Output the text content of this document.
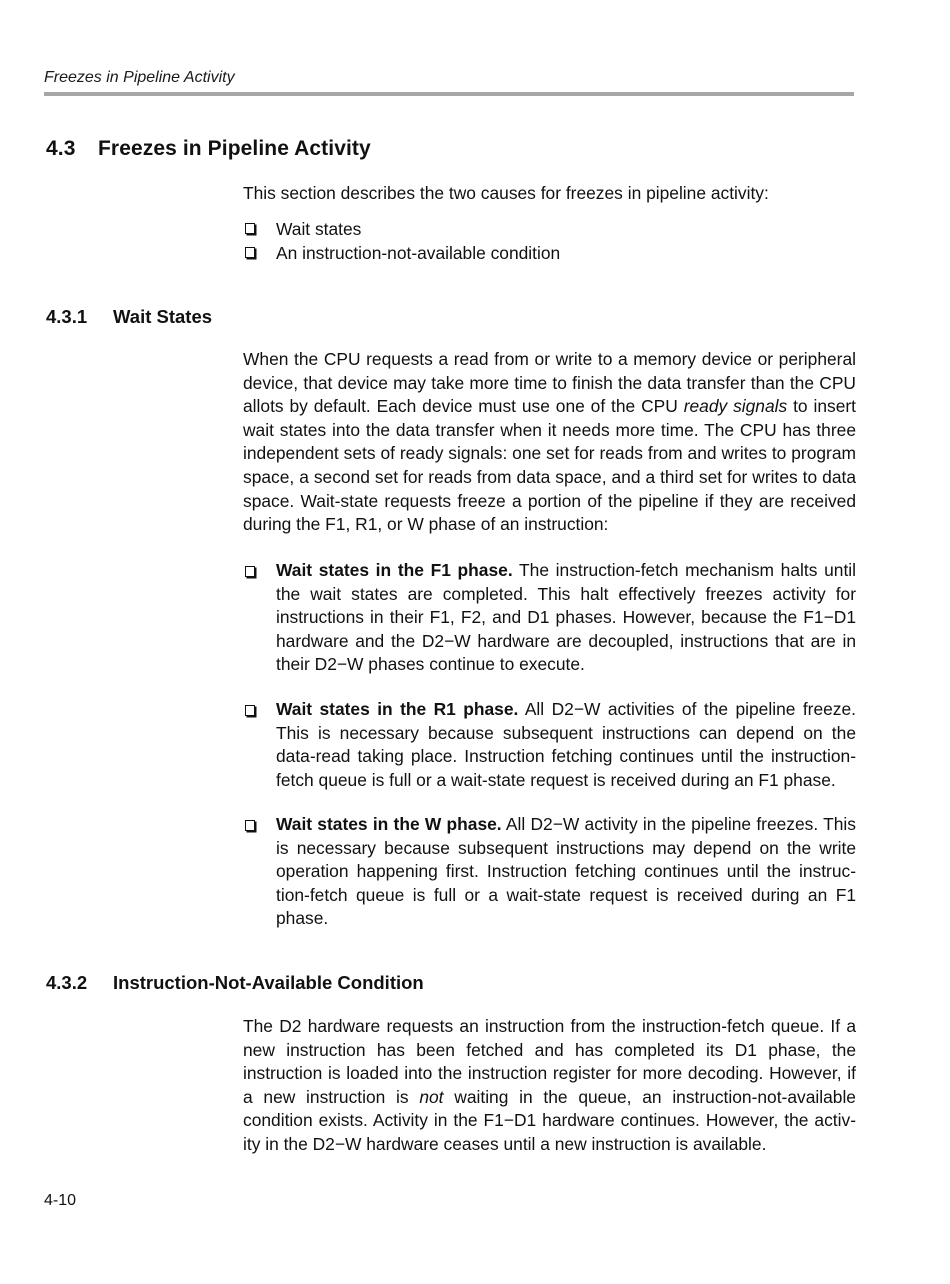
Freezes in Pipeline Activity
4.3 Freezes in Pipeline Activity
This section describes the two causes for freezes in pipeline activity:
Wait states
An instruction-not-available condition
4.3.1 Wait States
When the CPU requests a read from or write to a memory device or peripheral device, that device may take more time to finish the data transfer than the CPU allots by default. Each device must use one of the CPU ready signals to insert wait states into the data transfer when it needs more time. The CPU has three independent sets of ready signals: one set for reads from and writes to program space, a second set for reads from data space, and a third set for writes to data space. Wait-state requests freeze a portion of the pipeline if they are received during the F1, R1, or W phase of an instruction:
Wait states in the F1 phase. The instruction-fetch mechanism halts until the wait states are completed. This halt effectively freezes activity for instructions in their F1, F2, and D1 phases. However, because the F1−D1 hardware and the D2−W hardware are decoupled, instructions that are in their D2−W phases continue to execute.
Wait states in the R1 phase. All D2−W activities of the pipeline freeze. This is necessary because subsequent instructions can depend on the data-read taking place. Instruction fetching continues until the instruction-fetch queue is full or a wait-state request is received during an F1 phase.
Wait states in the W phase. All D2−W activity in the pipeline freezes. This is necessary because subsequent instructions may depend on the write operation happening first. Instruction fetching continues until the instruction-fetch queue is full or a wait-state request is received during an F1 phase.
4.3.2 Instruction-Not-Available Condition
The D2 hardware requests an instruction from the instruction-fetch queue. If a new instruction has been fetched and has completed its D1 phase, the instruction is loaded into the instruction register for more decoding. However, if a new instruction is not waiting in the queue, an instruction-not-available condition exists. Activity in the F1−D1 hardware continues. However, the activity in the D2−W hardware ceases until a new instruction is available.
4-10
